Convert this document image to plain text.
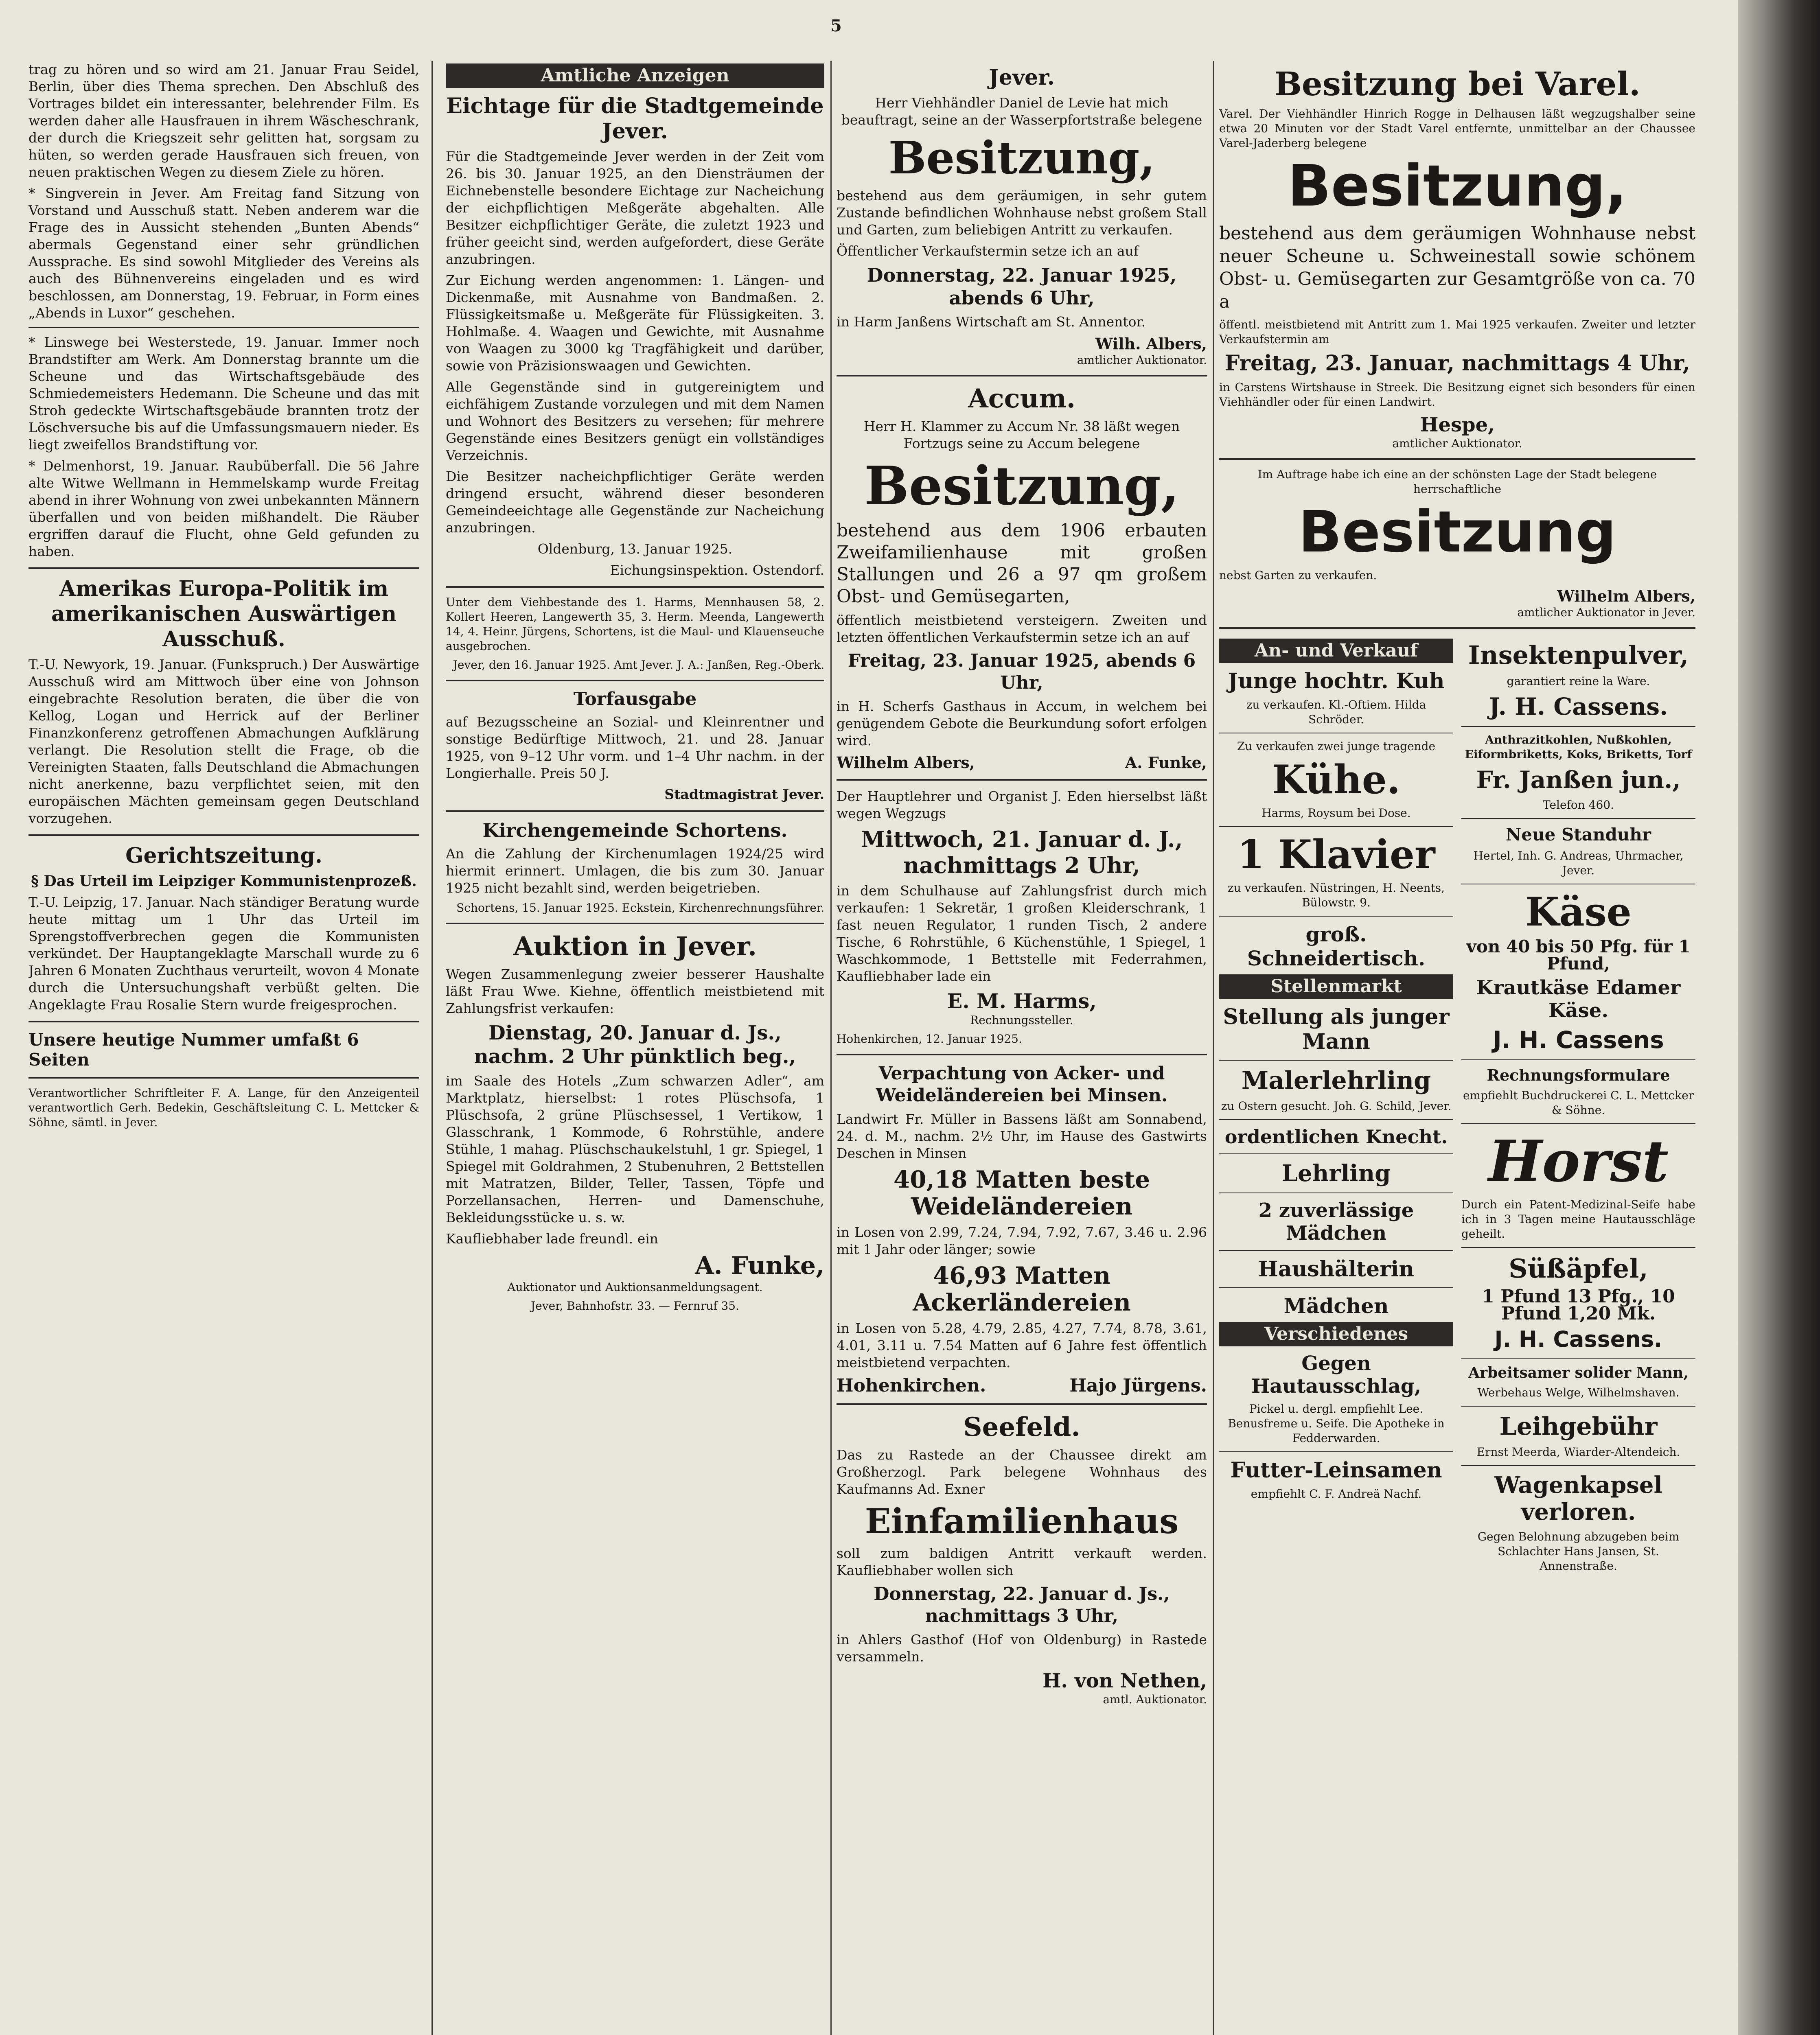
5

trag zu hören und so wird am 21. Januar Frau Seidel, Berlin, über dies Thema sprechen. Den Abschluß des Vortrages bildet ein interessanter, belehrender Film. Es werden daher alle Hausfrauen in ihrem Wäscheschrank, der durch die Kriegszeit sehr gelitten hat, sorgsam zu hüten, so werden gerade Hausfrauen sich freuen, von neuen praktischen Wegen zu diesem Ziele zu hören.

* Singverein in Jever. Am Freitag fand Sitzung von Vorstand und Ausschuß statt. Neben anderem war die Frage des in Aussicht stehenden „Bunten Abends“ abermals Gegenstand einer sehr gründlichen Aussprache. Es sind sowohl Mitglieder des Vereins als auch des Bühnenvereins eingeladen und es wird beschlossen, am Donnerstag, 19. Februar, in Form eines „Abends in Luxor“ geschehen.

* Linswege bei Westerstede, 19. Januar. Immer noch Brandstifter am Werk. Am Donnerstag brannte um die Scheune und das Wirtschaftsgebäude des Schmiedemeisters Hedemann. Die Scheune und das mit Stroh gedeckte Wirtschaftsgebäude brannten trotz der Löschversuche bis auf die Umfassungsmauern nieder. Es liegt zweifellos Brandstiftung vor.

* Delmenhorst, 19. Januar. Raubüberfall. Die 56 Jahre alte Witwe Wellmann in Hemmelskamp wurde Freitag abend in ihrer Wohnung von zwei unbekannten Männern überfallen und von beiden mißhandelt. Die Räuber ergriffen darauf die Flucht, ohne Geld gefunden zu haben.

Amerikas Europa-Politik im amerikanischen Auswärtigen Ausschuß.

T.-U. Newyork, 19. Januar. (Funkspruch.) Der Auswärtige Ausschuß wird am Mittwoch über eine von Johnson eingebrachte Resolution beraten, die über die von Kellog, Logan und Herrick auf der Berliner Finanzkonferenz getroffenen Abmachungen Aufklärung verlangt. Die Resolution stellt die Frage, ob die Vereinigten Staaten, falls Deutschland die Abmachungen nicht anerkenne, bazu verpflichtet seien, mit den europäischen Mächten gemeinsam gegen Deutschland vorzugehen.

Gerichtszeitung.
§ Das Urteil im Leipziger Kommunistenprozeß.

T.-U. Leipzig, 17. Januar. Nach ständiger Beratung wurde heute mittag um 1 Uhr das Urteil im Sprengstoffverbrechen gegen die Kommunisten verkündet. Der Hauptangeklagte Marschall wurde zu 6 Jahren 6 Monaten Zuchthaus verurteilt, wovon 4 Monate durch die Untersuchungshaft verbüßt gelten. Die Angeklagte Frau Rosalie Stern wurde freigesprochen.

Unsere heutige Nummer umfaßt 6 Seiten

Verantwortlicher Schriftleiter F. A. Lange, für den Anzeigenteil verantwortlich Gerh. Bedekin, Geschäftsleitung C. L. Mettcker & Söhne, sämtl. in Jever.

Amtliche Anzeigen
Eichtage für die Stadtgemeinde Jever.

Für die Stadtgemeinde Jever werden in der Zeit vom 26. bis 30. Januar 1925, an den Diensträumen der Eichnebenstelle besondere Eichtage zur Nacheichung der eichpflichtigen Meßgeräte abgehalten. Alle Besitzer eichpflichtiger Geräte, die zuletzt 1923 und früher geeicht sind, werden aufgefordert, diese Geräte anzubringen.

Zur Eichung werden angenommen: 1. Längen- und Dickenmaße, mit Ausnahme von Bandmaßen. 2. Flüssigkeitsmaße u. Meßgeräte für Flüssigkeiten. 3. Hohlmaße. 4. Waagen und Gewichte, mit Ausnahme von Waagen zu 3000 kg Tragfähigkeit und darüber, sowie von Präzisionswaagen und Gewichten.

Alle Gegenstände sind in gutgereinigtem und eichfähigem Zustande vorzulegen und mit dem Namen und Wohnort des Besitzers zu versehen; für mehrere Gegenstände eines Besitzers genügt ein vollständiges Verzeichnis.

Die Besitzer nacheichpflichtiger Geräte werden dringend ersucht, während dieser besonderen Gemeindeeichtage alle Gegenstände zur Nacheichung anzubringen.

Oldenburg, 13. Januar 1925.

Eichungsinspektion. Ostendorf.

Unter dem Viehbestande des 1. Harms, Mennhausen 58, 2. Kollert Heeren, Langewerth 35, 3. Herm. Meenda, Langewerth 14, 4. Heinr. Jürgens, Schortens, ist die Maul- und Klauenseuche ausgebrochen.

Jever, den 16. Januar 1925. Amt Jever. J. A.: Janßen, Reg.-Oberk.

Torfausgabe

auf Bezugsscheine an Sozial- und Kleinrentner und sonstige Bedürftige Mittwoch, 21. und 28. Januar 1925, von 9–12 Uhr vorm. und 1–4 Uhr nachm. in der Longierhalle. Preis 50 J.

Stadtmagistrat Jever.

Kirchengemeinde Schortens.

An die Zahlung der Kirchenumlagen 1924/25 wird hiermit erinnert. Umlagen, die bis zum 30. Januar 1925 nicht bezahlt sind, werden beigetrieben.

Schortens, 15. Januar 1925. Eckstein, Kirchenrechnungsführer.

Auktion in Jever.

Wegen Zusammenlegung zweier besserer Haushalte läßt Frau Wwe. Kiehne, öffentlich meistbietend mit Zahlungsfrist verkaufen:

Dienstag, 20. Januar d. Js., nachm. 2 Uhr pünktlich beg.,

im Saale des Hotels „Zum schwarzen Adler“, am Marktplatz, hierselbst: 1 rotes Plüschsofa, 1 Plüschsofa, 2 grüne Plüschsessel, 1 Vertikow, 1 Glasschrank, 1 Kommode, 6 Rohrstühle, andere Stühle, 1 mahag. Plüschschaukelstuhl, 1 gr. Spiegel, 1 Spiegel mit Goldrahmen, 2 Stubenuhren, 2 Bettstellen mit Matratzen, Bilder, Teller, Tassen, Töpfe und Porzellansachen, Herren- und Damenschuhe, Bekleidungsstücke u. s. w.

Kaufliebhaber lade freundl. ein

A. Funke,

Auktionator und Auktionsanmeldungsagent.

Jever, Bahnhofstr. 33. — Fernruf 35.

Jever.

Herr Viehhändler Daniel de Levie hat mich beauftragt, seine an der Wasserpfortstraße belegene

Besitzung,

bestehend aus dem geräumigen, in sehr gutem Zustande befindlichen Wohnhause nebst großem Stall und Garten, zum beliebigen Antritt zu verkaufen.

Öffentlicher Verkaufstermin setze ich an auf

Donnerstag, 22. Januar 1925, abends 6 Uhr,

in Harm Janßens Wirtschaft am St. Annentor.

Wilh. Albers,

amtlicher Auktionator.

Accum.

Herr H. Klammer zu Accum Nr. 38 läßt wegen Fortzugs seine zu Accum belegene

Besitzung,

bestehend aus dem 1906 erbauten Zweifamilienhause mit großen Stallungen und 26 a 97 qm großem Obst- und Gemüsegarten,

öffentlich meistbietend versteigern. Zweiten und letzten öffentlichen Verkaufstermin setze ich an auf

Freitag, 23. Januar 1925, abends 6 Uhr,

in H. Scherfs Gasthaus in Accum, in welchem bei genügendem Gebote die Beurkundung sofort erfolgen wird.

Wilhelm Albers,	A. Funke,

Der Hauptlehrer und Organist J. Eden hierselbst läßt wegen Wegzugs

Mittwoch, 21. Januar d. J., nachmittags 2 Uhr,

in dem Schulhause auf Zahlungsfrist durch mich verkaufen: 1 Sekretär, 1 großen Kleiderschrank, 1 fast neuen Regulator, 1 runden Tisch, 2 andere Tische, 6 Rohrstühle, 6 Küchenstühle, 1 Spiegel, 1 Waschkommode, 1 Bettstelle mit Federrahmen, Kaufliebhaber lade ein

E. M. Harms,

Rechnungssteller.

Hohenkirchen, 12. Januar 1925.

Verpachtung von Acker- und Weideländereien bei Minsen.

Landwirt Fr. Müller in Bassens läßt am Sonnabend, 24. d. M., nachm. 2½ Uhr, im Hause des Gastwirts Deschen in Minsen

40,18 Matten beste Weideländereien

in Losen von 2.99, 7.24, 7.94, 7.92, 7.67, 3.46 u. 2.96 mit 1 Jahr oder länger; sowie

46,93 Matten Ackerländereien

in Losen von 5.28, 4.79, 2.85, 4.27, 7.74, 8.78, 3.61, 4.01, 3.11 u. 7.54 Matten auf 6 Jahre fest öffentlich meistbietend verpachten.

Hohenkirchen.	Hajo Jürgens.
Seefeld.

Das zu Rastede an der Chaussee direkt am Großherzogl. Park belegene Wohnhaus des Kaufmanns Ad. Exner

Einfamilienhaus

soll zum baldigen Antritt verkauft werden. Kaufliebhaber wollen sich

Donnerstag, 22. Januar d. Js., nachmittags 3 Uhr,

in Ahlers Gasthof (Hof von Oldenburg) in Rastede versammeln.

H. von Nethen,

amtl. Auktionator.

Besitzung bei Varel.

Varel. Der Viehhändler Hinrich Rogge in Delhausen läßt wegzugshalber seine etwa 20 Minuten vor der Stadt Varel entfernte, unmittelbar an der Chaussee Varel-Jaderberg belegene

Besitzung,

bestehend aus dem geräumigen Wohnhause nebst neuer Scheune u. Schweinestall sowie schönem Obst- u. Gemüsegarten zur Gesamtgröße von ca. 70 a

öffentl. meistbietend mit Antritt zum 1. Mai 1925 verkaufen. Zweiter und letzter Verkaufstermin am

Freitag, 23. Januar, nachmittags 4 Uhr,

in Carstens Wirtshause in Streek. Die Besitzung eignet sich besonders für einen Viehhändler oder für einen Landwirt.

Hespe,

amtlicher Auktionator.

Im Auftrage habe ich eine an der schönsten Lage der Stadt belegene herrschaftliche

Besitzung

nebst Garten zu verkaufen.

Wilhelm Albers,

amtlicher Auktionator in Jever.

An- und Verkauf
Junge hochtr. Kuh

zu verkaufen. Kl.-Oftiem. Hilda Schröder.

Zu verkaufen zwei junge tragende

Kühe.

Harms, Roysum bei Dose.

1 Klavier

zu verkaufen. Nüstringen, H. Neents, Bülowstr. 9.

groß. Schneidertisch.
Stellenmarkt
Stellung als junger Mann
Malerlehrling

zu Ostern gesucht. Joh. G. Schild, Jever.

ordentlichen Knecht.
Lehrling
2 zuverlässige Mädchen
Haushälterin
Mädchen
Verschiedenes
Gegen Hautausschlag,

Pickel u. dergl. empfiehlt Lee. Benusfreme u. Seife. Die Apotheke in Fedderwarden.

Futter-Leinsamen

empfiehlt C. F. Andreä Nachf.

Insektenpulver,

garantiert reine la Ware.

J. H. Cassens.

Anthrazitkohlen, Nußkohlen, Eiformbriketts, Koks, Briketts, Torf

Fr. Janßen jun.,

Telefon 460.

Neue Standuhr

Hertel, Inh. G. Andreas, Uhrmacher, Jever.

Käse

von 40 bis 50 Pfg. für 1 Pfund,

Krautkäse Edamer Käse.
J. H. Cassens
Rechnungsformulare

empfiehlt Buchdruckerei C. L. Mettcker & Söhne.

Horst

Durch ein Patent-Medizinal-Seife habe ich in 3 Tagen meine Hautausschläge geheilt.

Süßäpfel,

1 Pfund 13 Pfg., 10 Pfund 1,20 Mk.

J. H. Cassens.
Arbeitsamer solider Mann,

Werbehaus Welge, Wilhelmshaven.

Leihgebühr

Ernst Meerda, Wiarder-Altendeich.

Wagenkapsel verloren.

Gegen Belohnung abzugeben beim Schlachter Hans Jansen, St. Annenstraße.
